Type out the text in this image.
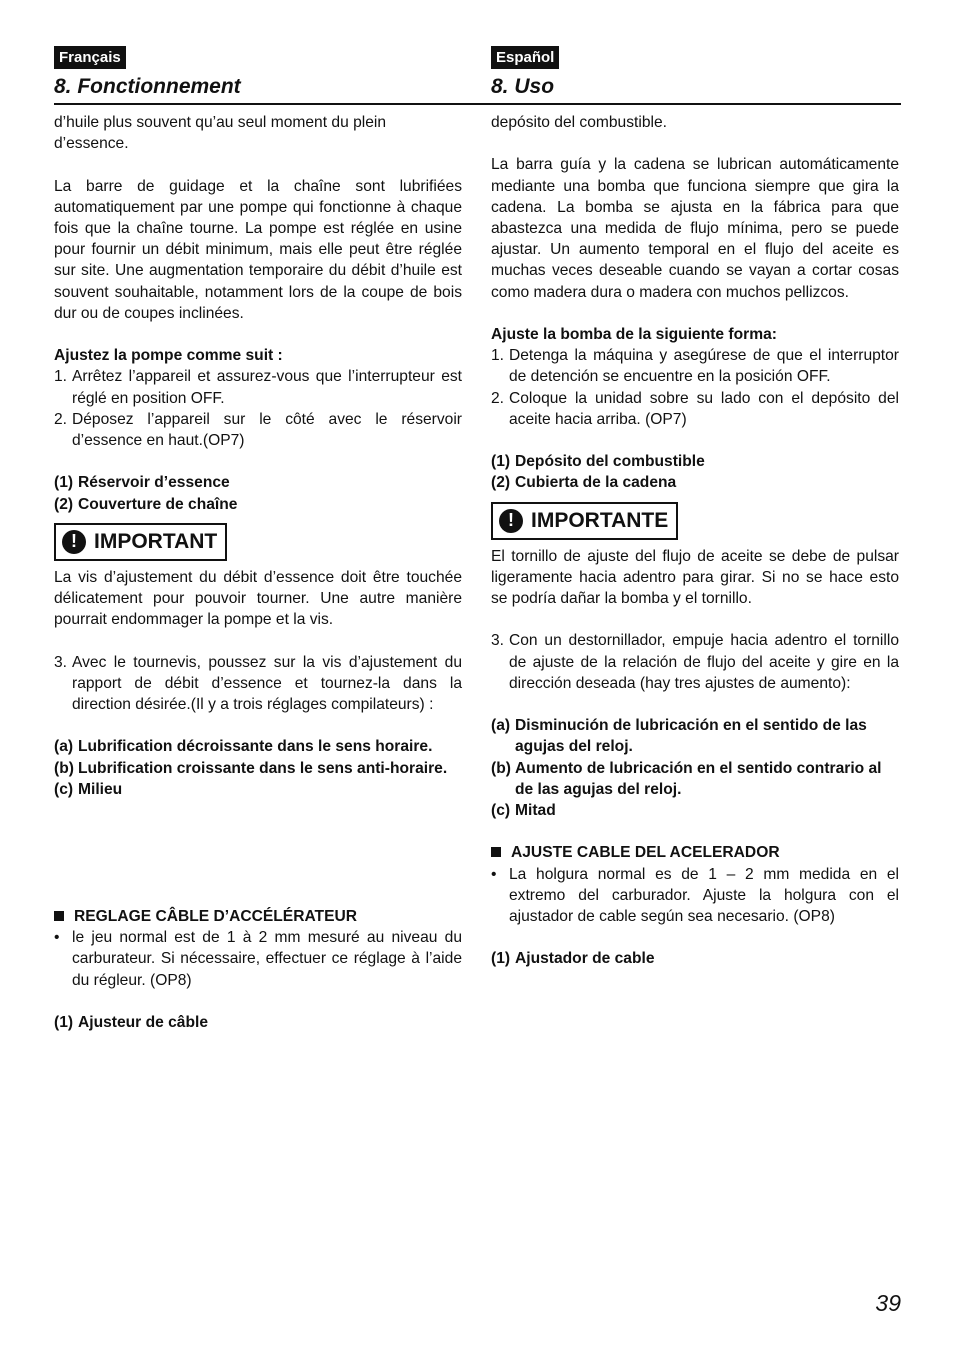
Français
8. Fonctionnement
Español
8. Uso

d’huile plus souvent qu’au seul moment du plein d’essence.

La barre de guidage et la chaîne sont lubrifiées automatiquement par une pompe qui fonctionne à chaque fois que la chaîne tourne. La pompe est réglée en usine pour fournir un débit minimum, mais elle peut être réglée sur site. Une augmentation temporaire du débit d’huile est souvent souhaitable, notamment lors de la coupe de bois dur ou de coupes inclinées.

Ajustez la pompe comme suit :

1. Arrêtez l’appareil et assurez-vous que l’interrupteur est réglé en position OFF.
2. Déposez l’appareil sur le côté avec le réservoir d’essence en haut.(OP7)
(1) Réservoir d’essence
(2) Couverture de chaîne
! IMPORTANT

La vis d’ajustement du débit d’essence doit être touchée délicatement pour pouvoir tourner. Une autre manière pourrait endommager la pompe et la vis.

3. Avec le tournevis, poussez sur la vis d’ajustement du rapport de débit d’essence et tournez-la dans la direction désirée.(Il y a trois réglages compilateurs) :
(a) Lubrification décroissante dans le sens horaire.
(b) Lubrification croissante dans le sens anti-horaire.
(c) Milieu
REGLAGE CÂBLE D’ACCÉLÉRATEUR
• le jeu normal est de 1 à 2 mm mesuré au niveau du carburateur. Si nécessaire, effectuer ce réglage à l’aide du régleur. (OP8)
(1) Ajusteur de câble

depósito del combustible.

La barra guía y la cadena se lubrican automáticamente mediante una bomba que funciona siempre que gira la cadena. La bomba se ajusta en la fábrica para que abastezca una medida de flujo mínima, pero se puede ajustar. Un aumento temporal en el flujo del aceite es muchas veces deseable cuando se vayan a cortar cosas como madera dura o madera con muchos pellizcos.

Ajuste la bomba de la siguiente forma:

1. Detenga la máquina y asegúrese de que el interruptor de detención se encuentre en la posición OFF.
2. Coloque la unidad sobre su lado con el depósito del aceite hacia arriba. (OP7)
(1) Depósito del combustible
(2) Cubierta de la cadena
! IMPORTANTE

El tornillo de ajuste del flujo de aceite se debe de pulsar ligeramente hacia adentro para girar. Si no se hace esto se podría dañar la bomba y el tornillo.

3. Con un destornillador, empuje hacia adentro el tornillo de ajuste de la relación de flujo del aceite y gire en la dirección deseada (hay tres ajustes de aumento):
(a) Disminución de lubricación en el sentido de las agujas del reloj.
(b) Aumento de lubricación en el sentido contrario al de las agujas del reloj.
(c) Mitad
AJUSTE CABLE DEL ACELERADOR
• La holgura normal es de 1 – 2 mm medida en el extremo del carburador. Ajuste la holgura con el ajustador de cable según sea necesario. (OP8)
(1) Ajustador de cable
39
